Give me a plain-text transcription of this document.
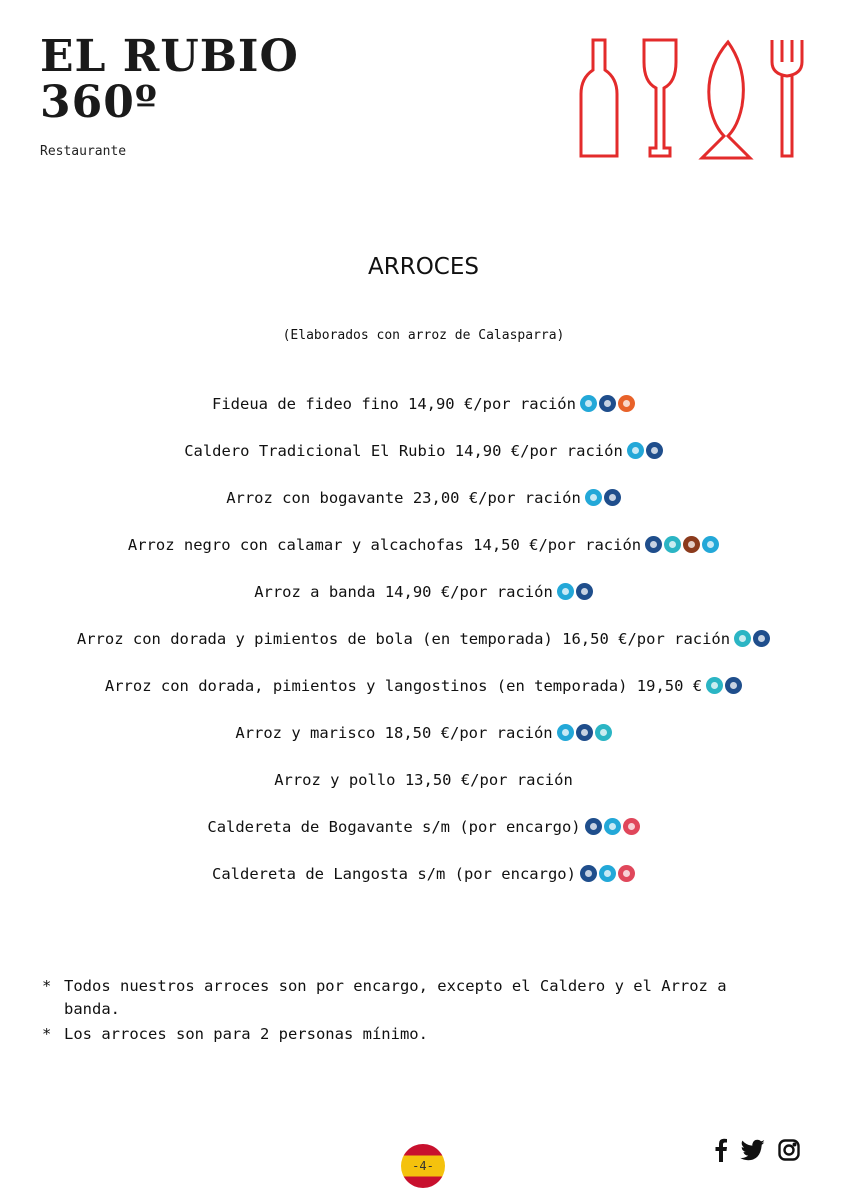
EL RUBIO
360º
Restaurante
ARROCES
(Elaborados con arroz de Calasparra)
Fideua de fideo fino 14,90 €/por ración
Caldero Tradicional El Rubio 14,90 €/por ración
Arroz con bogavante 23,00 €/por ración
Arroz negro con calamar y alcachofas 14,50 €/por ración
Arroz a banda 14,90 €/por ración
Arroz con dorada y pimientos de bola (en temporada) 16,50 €/por ración
Arroz con dorada, pimientos y langostinos (en temporada) 19,50 €
Arroz y marisco 18,50 €/por ración
Arroz y pollo 13,50 €/por ración
Caldereta de Bogavante s/m (por encargo)
Caldereta de Langosta s/m (por encargo)
* Todos nuestros arroces son por encargo, excepto el Caldero y el Arroz a banda.
* Los arroces son para 2 personas mínimo.
-4-
